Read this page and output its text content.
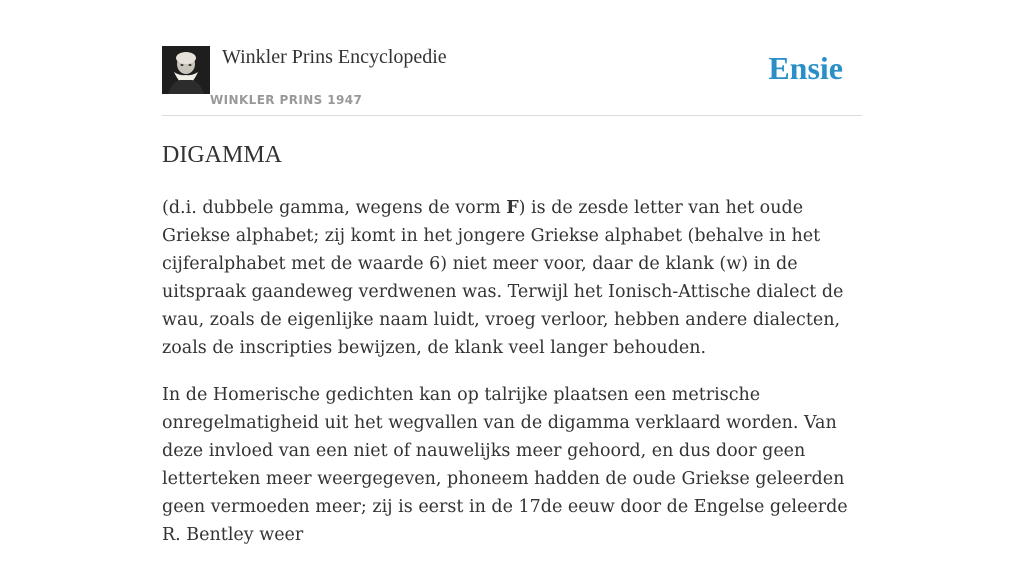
Winkler Prins Encyclopedie
WINKLER PRINS 1947
Ensie
DIGAMMA

(d.i. dubbele gamma, wegens de vorm F) is de zesde letter van het oude Griekse alphabet; zij komt in het jongere Griekse alphabet (behalve in het cijferalphabet met de waarde 6) niet meer voor, daar de klank (w) in de uitspraak gaandeweg verdwenen was. Terwijl het Ionisch-Attische dialect de wau, zoals de eigenlijke naam luidt, vroeg verloor, hebben andere dialecten, zoals de inscripties bewijzen, de klank veel langer behouden.

In de Homerische gedichten kan op talrijke plaatsen een metrische onregelmatigheid uit het wegvallen van de digamma verklaard worden. Van deze invloed van een niet of nauwelijks meer gehoord, en dus door geen letterteken meer weergegeven, phoneem hadden de oude Griekse geleerden geen vermoeden meer; zij is eerst in de 17de eeuw door de Engelse geleerde R. Bentley weer
